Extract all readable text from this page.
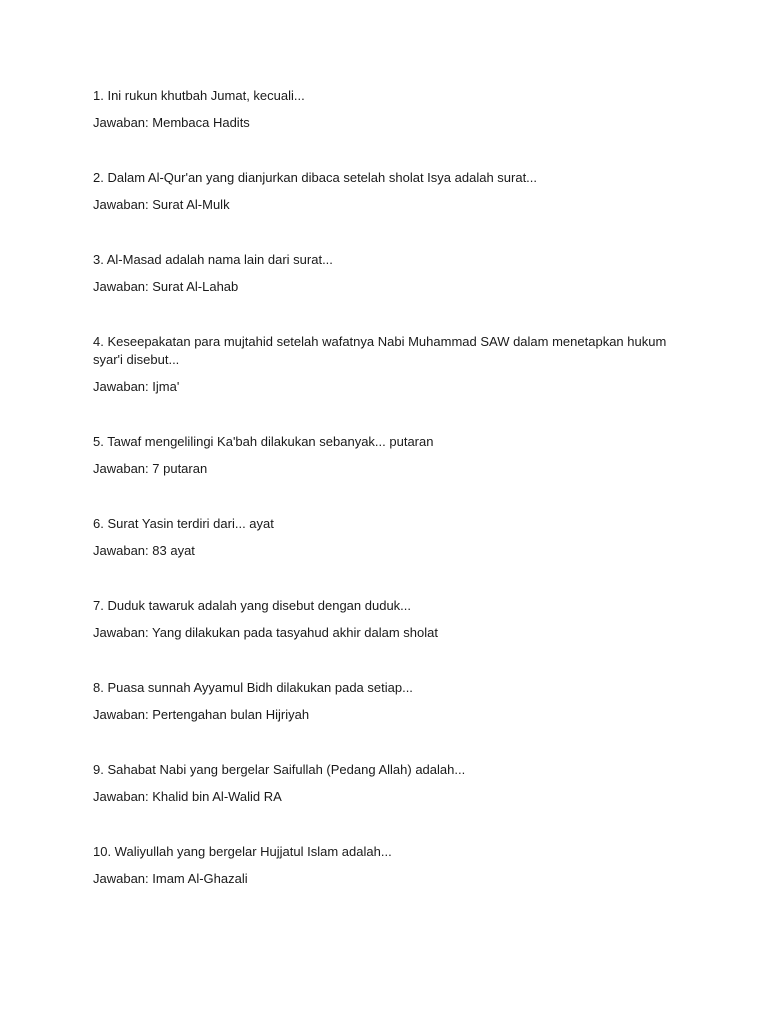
1. Ini rukun khutbah Jumat, kecuali...

Jawaban: Membaca Hadits

2. Dalam Al-Qur'an yang dianjurkan dibaca setelah sholat Isya adalah surat...

Jawaban: Surat Al-Mulk

3. Al-Masad adalah nama lain dari surat...

Jawaban: Surat Al-Lahab

4. Keseepakatan para mujtahid setelah wafatnya Nabi Muhammad SAW dalam menetapkan hukum syar'i disebut...

Jawaban: Ijma'

5. Tawaf mengelilingi Ka'bah dilakukan sebanyak... putaran

Jawaban: 7 putaran

6. Surat Yasin terdiri dari... ayat

Jawaban: 83 ayat

7. Duduk tawaruk adalah yang disebut dengan duduk...

Jawaban: Yang dilakukan pada tasyahud akhir dalam sholat

8. Puasa sunnah Ayyamul Bidh dilakukan pada setiap...

Jawaban: Pertengahan bulan Hijriyah

9. Sahabat Nabi yang bergelar Saifullah (Pedang Allah) adalah...

Jawaban: Khalid bin Al-Walid RA

10. Waliyullah yang bergelar Hujjatul Islam adalah...

Jawaban: Imam Al-Ghazali
